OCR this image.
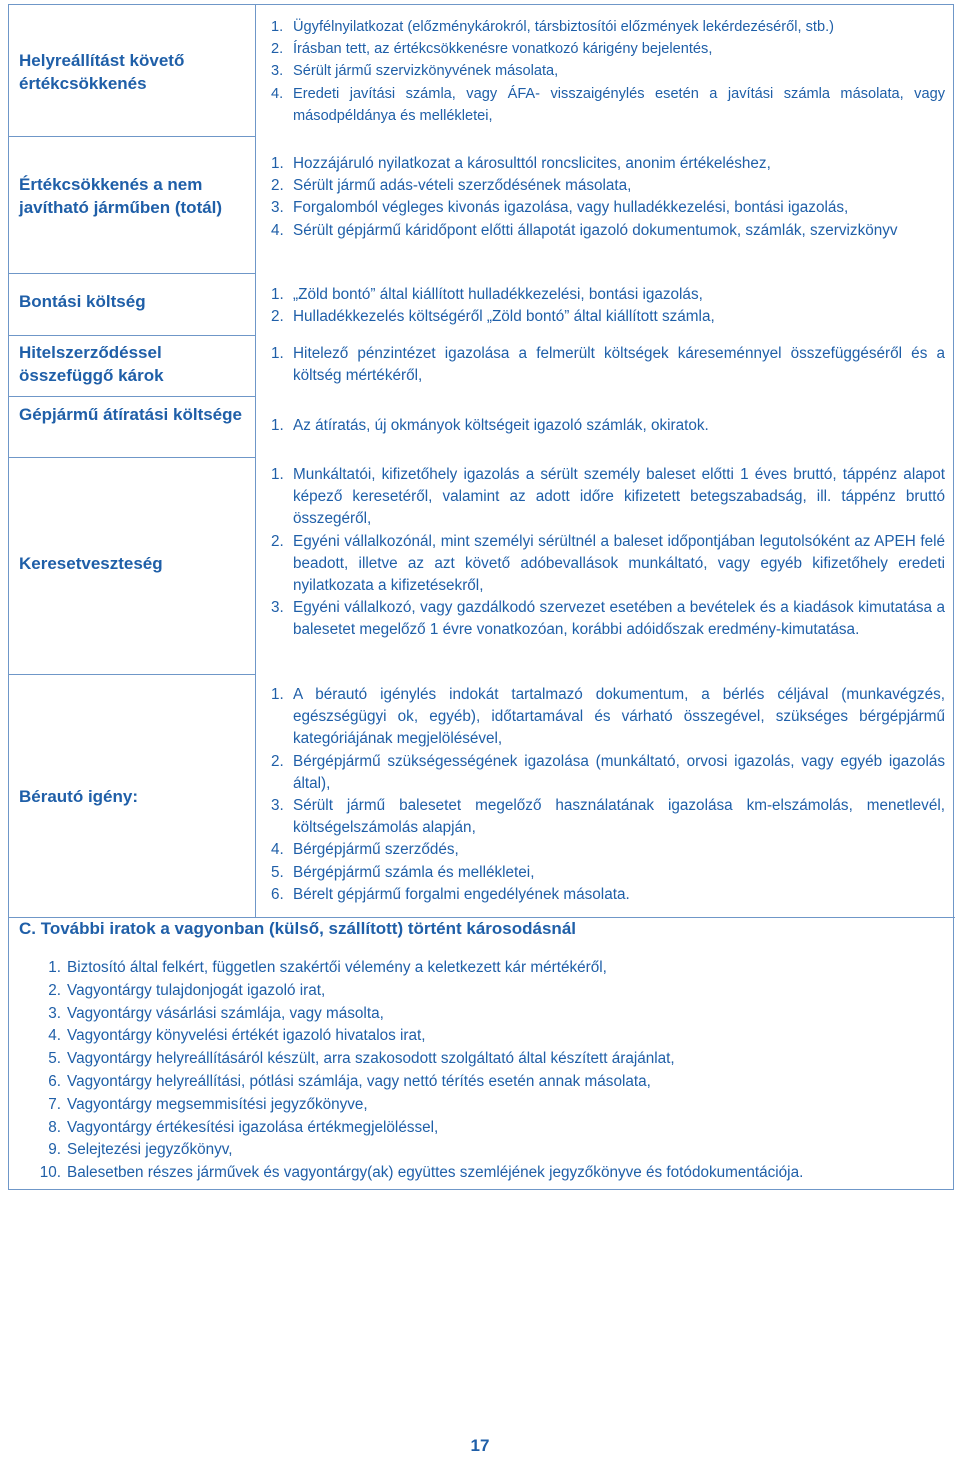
Helyreállítást követő értékcsökkenés
1. Ügyfélnyilatkozat (előzménykárokról, társbiztosítói előzmények lekérdezéséről, stb.)
2. Írásban tett, az értékcsökkenésre vonatkozó kárigény bejelentés,
3. Sérült jármű szervizkönyvének másolata,
4. Eredeti javítási számla, vagy ÁFA- visszaigénylés esetén a javítási számla másolata, vagy másodpéldánya és mellékletei,
Értékcsökkenés a nem javítható járműben (totál)
1. Hozzájáruló nyilatkozat a károsulttól roncslicites, anonim értékeléshez,
2. Sérült jármű adás-vételi szerződésének másolata,
3. Forgalomból végleges kivonás igazolása, vagy hulladékkezelési, bontási igazolás,
4. Sérült gépjármű káridőpont előtti állapotát igazoló dokumentumok, számlák, szervizkönyv
Bontási költség	1. „Zöld bontó” által kiállított hulladékkezelési, bontási igazolás,
2. Hulladékkezelés költségéről „Zöld bontó” által kiállított számla,
Hitelszerződéssel összefüggő károk
1. Hitelező pénzintézet igazolása a felmerült költségek káreseménnyel összefüggéséről és a költség mértékéről,
Gépjármű átíratási költsége
1. Az átíratás, új okmányok költségeit igazoló számlák, okiratok.
Keresetveszteség
1. Munkáltatói, kifizetőhely igazolás a sérült személy baleset előtti 1 éves bruttó, táppénz alapot képező keresetéről, valamint az adott időre kifizetett betegszabadság, ill. táppénz bruttó összegéről,
2. Egyéni vállalkozónál, mint személyi sérültnél a baleset időpontjában legutolsóként az APEH felé beadott, illetve az azt követő adóbevallások munkáltató, vagy egyéb kifizetőhely eredeti nyilatkozata a kifizetésekről,
3. Egyéni vállalkozó, vagy gazdálkodó szervezet esetében a bevételek és a kiadások kimutatása a balesetet megelőző 1 évre vonatkozóan, korábbi adóidőszak eredmény-kimutatása.
Bérautó igény:
1. A bérautó igénylés indokát tartalmazó dokumentum, a bérlés céljával (munkavégzés, egészségügyi ok, egyéb), időtartamával és várható összegével, szükséges bérgépjármű kategóriájának megjelölésével,
2. Bérgépjármű szükségességének igazolása (munkáltató, orvosi igazolás, vagy egyéb igazolás által),
3. Sérült jármű balesetet megelőző használatának igazolása km-elszámolás, menetlevél, költségelszámolás alapján,
4. Bérgépjármű szerződés,
5. Bérgépjármű számla és mellékletei,
6. Bérelt gépjármű forgalmi engedélyének másolata.
C. További iratok a vagyonban (külső, szállított) történt károsodásnál
1. Biztosító által felkért, független szakértői vélemény a keletkezett kár mértékéről,
2. Vagyontárgy tulajdonjogát igazoló irat,
3. Vagyontárgy vásárlási számlája, vagy másolta,
4. Vagyontárgy könyvelési értékét igazoló hivatalos irat,
5. Vagyontárgy helyreállításáról készült, arra szakosodott szolgáltató által készített árajánlat,
6. Vagyontárgy helyreállítási, pótlási számlája, vagy nettó térítés esetén annak másolata,
7. Vagyontárgy megsemmisítési jegyzőkönyve,
8. Vagyontárgy értékesítési igazolása értékmegjelöléssel,
9. Selejtezési jegyzőkönyv,
10. Balesetben részes járművek és vagyontárgy(ak) együttes szemléjének jegyzőkönyve és fotódokumentációja.
17
